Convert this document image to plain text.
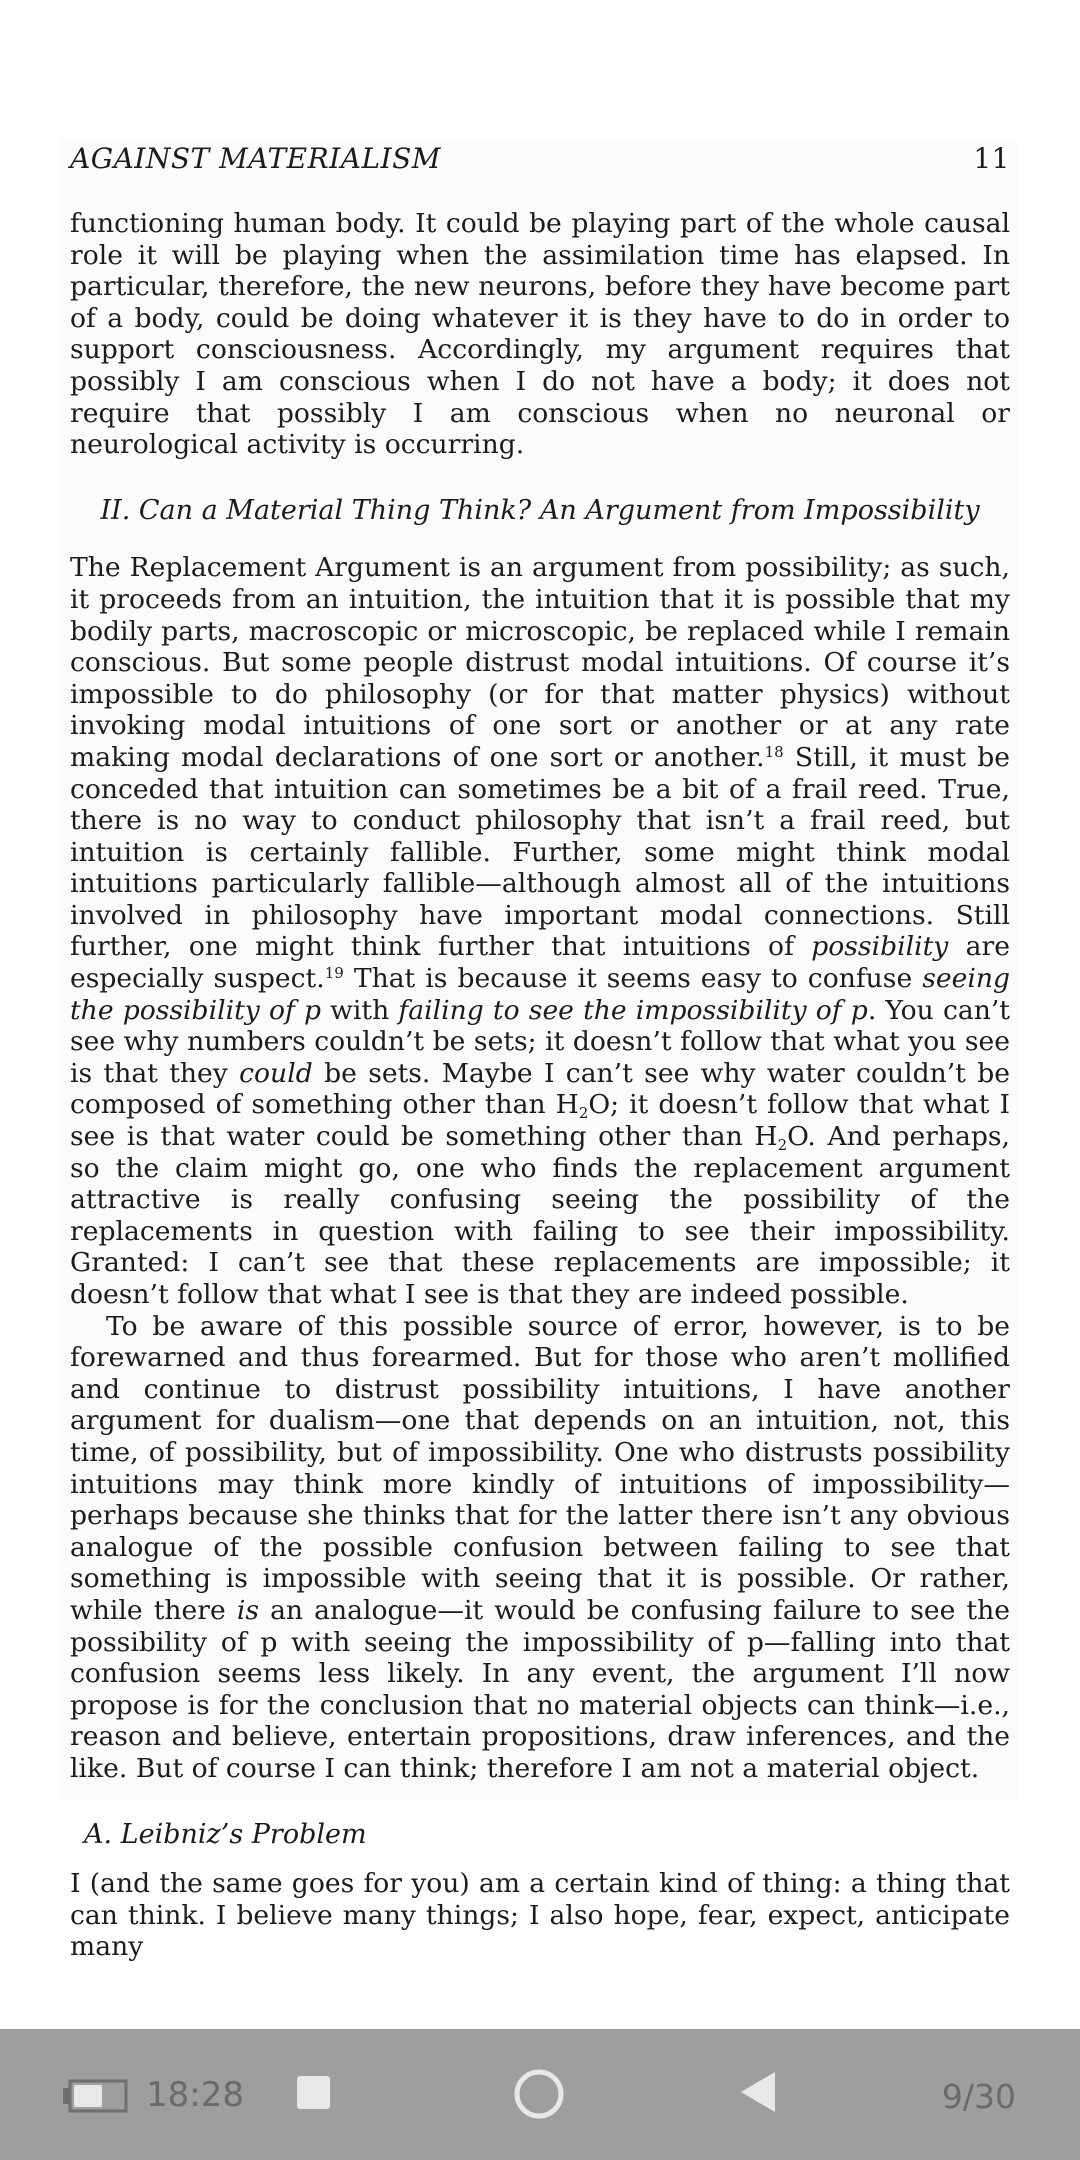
AGAINST MATERIALISM	11

functioning human body. It could be playing part of the whole causal role it will be playing when the assimilation time has elapsed. In particular, therefore, the new neurons, before they have become part of a body, could be doing whatever it is they have to do in order to support consciousness. Accordingly, my argument requires that possibly I am conscious when I do not have a body; it does not require that possibly I am conscious when no neuronal or neurological activity is occurring.

II. Can a Material Thing Think? An Argument from Impossibility

The Replacement Argument is an argument from possibility; as such, it proceeds from an intuition, the intuition that it is possible that my bodily parts, macroscopic or microscopic, be replaced while I remain conscious. But some people distrust modal intuitions. Of course it’s impossible to do philosophy (or for that matter physics) without invoking modal intuitions of one sort or another or at any rate making modal declarations of one sort or another.$^{18}$ Still, it must be conceded that intuition can sometimes be a bit of a frail reed. True, there is no way to conduct philosophy that isn’t a frail reed, but intuition is certainly fallible. Further, some might think modal intuitions particularly fallible—although almost all of the intuitions involved in philosophy have important modal connections. Still further, one might think further that intuitions of possibility are especially suspect.$^{19}$ That is because it seems easy to confuse seeing the possibility of p with failing to see the impossibility of p. You can’t see why numbers couldn’t be sets; it doesn’t follow that what you see is that they could be sets. Maybe I can’t see why water couldn’t be composed of something other than $H_2O$; it doesn’t follow that what I see is that water could be something other than $H_2O$. And perhaps, so the claim might go, one who finds the replacement argument attractive is really confusing seeing the possibility of the replacements in question with failing to see their impossibility. Granted: I can’t see that these replacements are impossible; it doesn’t follow that what I see is that they are indeed possible.

To be aware of this possible source of error, however, is to be forewarned and thus forearmed. But for those who aren’t mollified and continue to distrust possibility intuitions, I have another argument for dualism—one that depends on an intuition, not, this time, of possibility, but of impossibility. One who distrusts possibility intuitions may think more kindly of intuitions of impossibility—perhaps because she thinks that for the latter there isn’t any obvious analogue of the possible confusion between failing to see that something is impossible with seeing that it is possible. Or rather, while there is an analogue—it would be confusing failure to see the possibility of p with seeing the impossibility of p—falling into that confusion seems less likely. In any event, the argument I’ll now propose is for the conclusion that no material objects can think—i.e., reason and believe, entertain propositions, draw inferences, and the like. But of course I can think; therefore I am not a material object.

A. Leibniz’s Problem

I (and the same goes for you) am a certain kind of thing: a thing that can think. I believe many things; I also hope, fear, expect, anticipate many

18:28	9/30
